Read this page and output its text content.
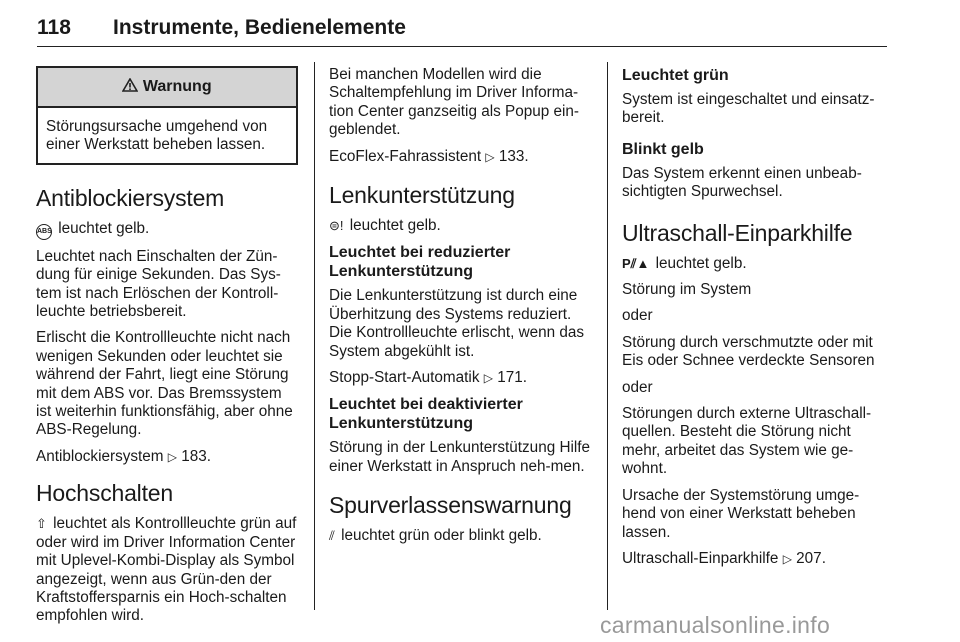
118 Instrumente, Bedienelemente
Warnung
Störungsursache umgehend von einer Werkstatt beheben lassen.
Antiblockiersystem

ABS leuchtet gelb.

Leuchtet nach Einschalten der Zün-dung für einige Sekunden. Das Sys-tem ist nach Erlöschen der Kontroll-leuchte betriebsbereit.

Erlischt die Kontrollleuchte nicht nach wenigen Sekunden oder leuchtet sie während der Fahrt, liegt eine Störung mit dem ABS vor. Das Bremssystem ist weiterhin funktionsfähig, aber ohne ABS-Regelung.

Antiblockiersystem ▷ 183.

Hochschalten

⇧ leuchtet als Kontrollleuchte grün auf oder wird im Driver Information Center mit Uplevel-Kombi-Display als Symbol angezeigt, wenn aus Grün-den der Kraftstoffersparnis ein Hoch-schalten empfohlen wird.

Bei manchen Modellen wird die Schaltempfehlung im Driver Informa-tion Center ganzseitig als Popup ein-geblendet.

EcoFlex-Fahrassistent ▷ 133.

Lenkunterstützung

⊜! leuchtet gelb.

Leuchtet bei reduzierter Lenkunterstützung

Die Lenkunterstützung ist durch eine Überhitzung des Systems reduziert. Die Kontrollleuchte erlischt, wenn das System abgekühlt ist.

Stopp-Start-Automatik ▷ 171.

Leuchtet bei deaktivierter Lenkunterstützung

Störung in der Lenkunterstützung Hilfe einer Werkstatt in Anspruch neh-men.

Spurverlassenswarnung

⫽ leuchtet grün oder blinkt gelb.

Leuchtet grün

System ist eingeschaltet und einsatz-bereit.

Blinkt gelb

Das System erkennt einen unbeab-sichtigten Spurwechsel.

Ultraschall-Einparkhilfe

P⫽▲ leuchtet gelb.

Störung im System

oder

Störung durch verschmutzte oder mit Eis oder Schnee verdeckte Sensoren

oder

Störungen durch externe Ultraschall-quellen. Besteht die Störung nicht mehr, arbeitet das System wie ge-wohnt.

Ursache der Systemstörung umge-hend von einer Werkstatt beheben lassen.

Ultraschall-Einparkhilfe ▷ 207.

carmanualsonline.info
